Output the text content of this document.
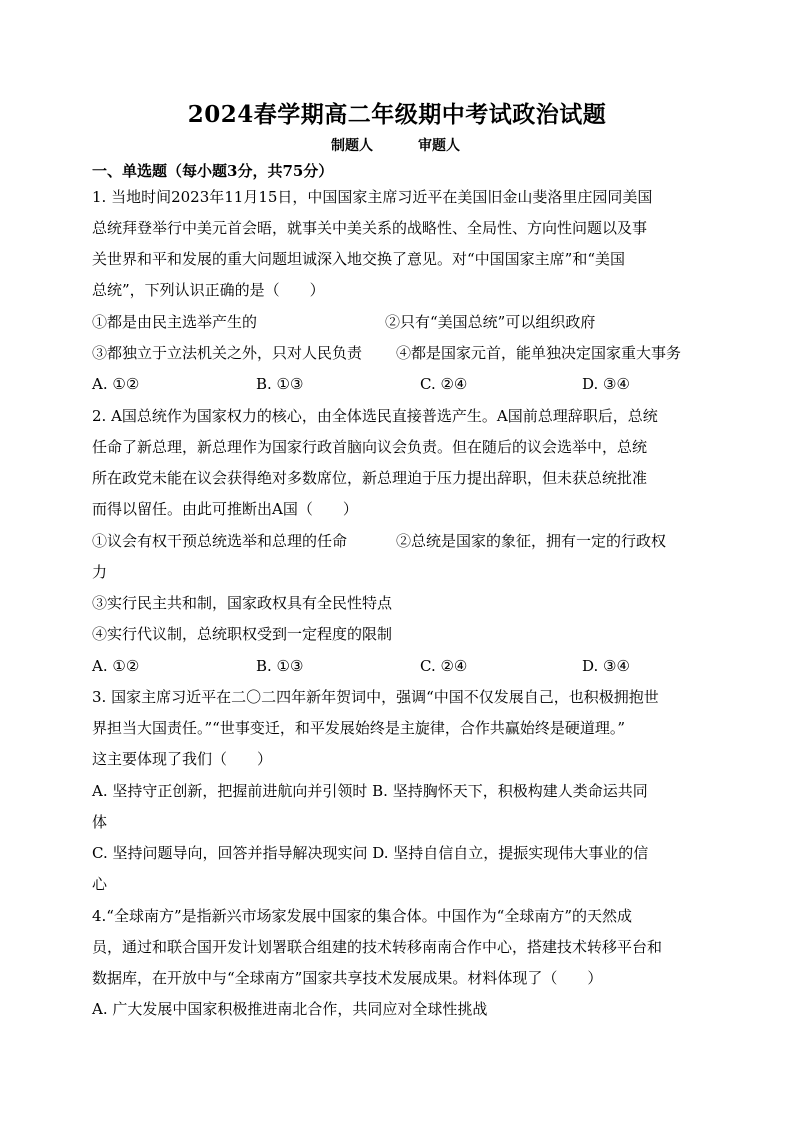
2024春学期高二年级期中考试政治试题
制题人	审题人
一、单选题（每小题3分，共75分）
1. 当地时间2023年11月15日，中国国家主席习近平在美国旧金山斐洛里庄园同美国
总统拜登举行中美元首会晤，就事关中美关系的战略性、全局性、方向性问题以及事
关世界和平和发展的重大问题坦诚深入地交换了意见。对“中国国家主席”和“美国
总统”，下列认识正确的是（　　）
①都是由民主选举产生的	②只有“美国总统”可以组织政府
③都独立于立法机关之外，只对人民负责 ④都是国家元首，能单独决定国家重大事务
A. ①②	B. ①③	C. ②④	D. ③④
2. A国总统作为国家权力的核心，由全体选民直接普选产生。A国前总理辞职后，总统
任命了新总理，新总理作为国家行政首脑向议会负责。但在随后的议会选举中，总统
所在政党未能在议会获得绝对多数席位，新总理迫于压力提出辞职，但未获总统批准
而得以留任。由此可推断出A国（　　）
①议会有权干预总统选举和总理的任命	②总统是国家的象征，拥有一定的行政权
力
③实行民主共和制，国家政权具有全民性特点
④实行代议制，总统职权受到一定程度的限制
A. ①②	B. ①③	C. ②④	D. ③④
3. 国家主席习近平在二〇二四年新年贺词中，强调“中国不仅发展自己，也积极拥抱世
界担当大国责任。”“世事变迁，和平发展始终是主旋律，合作共赢始终是硬道理。”
这主要体现了我们（　　）
A. 坚持守正创新，把握前进航向并引领时 B. 坚持胸怀天下，积极构建人类命运共同
体
C. 坚持问题导向，回答并指导解决现实问 D. 坚持自信自立，提振实现伟大事业的信
心
4.“全球南方”是指新兴市场家发展中国家的集合体。中国作为“全球南方”的天然成
员，通过和联合国开发计划署联合组建的技术转移南南合作中心，搭建技术转移平台和
数据库，在开放中与“全球南方”国家共享技术发展成果。材料体现了（　　）
A. 广大发展中国家积极推进南北合作，共同应对全球性挑战
